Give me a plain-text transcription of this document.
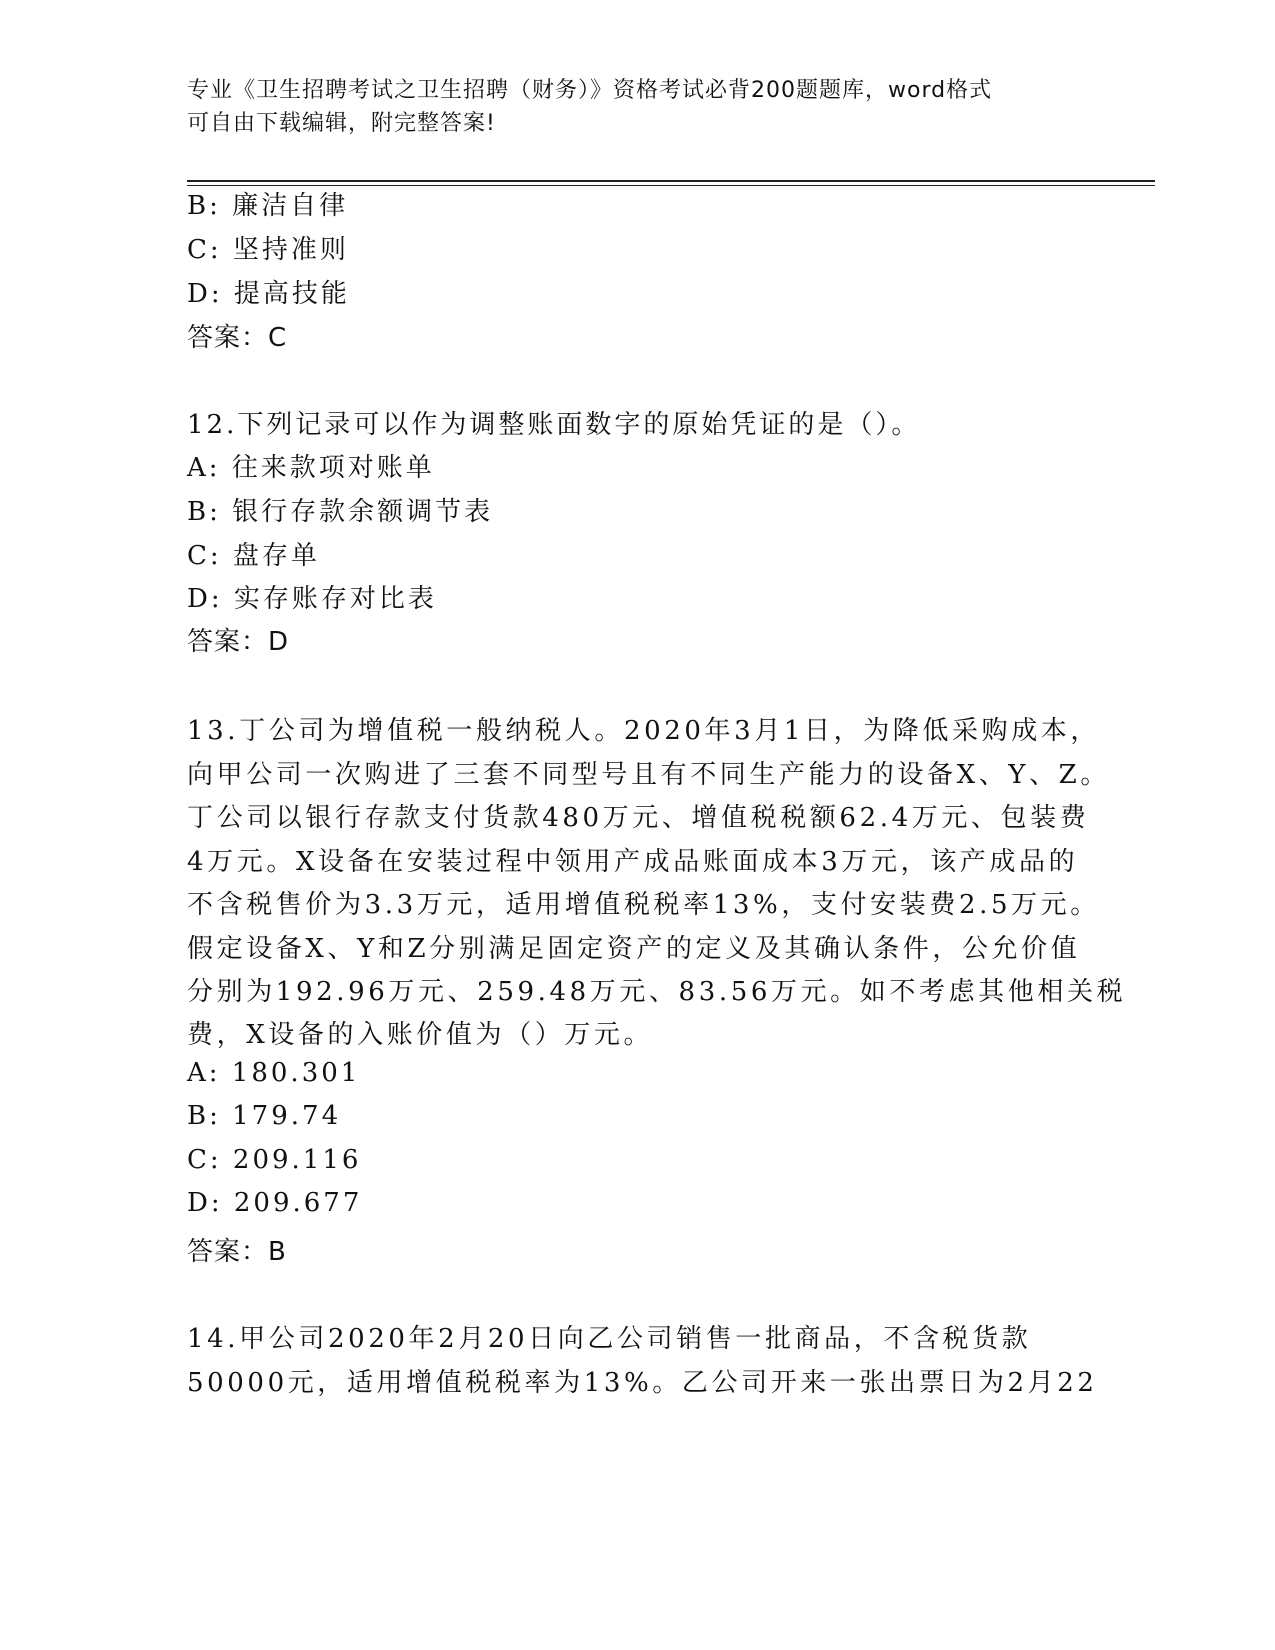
专业《卫生招聘考试之卫生招聘（财务）》资格考试必背200题题库，word格式
可自由下载编辑，附完整答案!
B: 廉洁自律
C: 坚持准则
D: 提高技能
答案：C
12.下列记录可以作为调整账面数字的原始凭证的是（）。
A: 往来款项对账单
B: 银行存款余额调节表
C: 盘存单
D: 实存账存对比表
答案：D
13.丁公司为增值税一般纳税人。2020年3月1日，为降低采购成本，
向甲公司一次购进了三套不同型号且有不同生产能力的设备X、Y、Z。
丁公司以银行存款支付货款480万元、增值税税额62.4万元、包装费
4万元。X设备在安装过程中领用产成品账面成本3万元，该产成品的
不含税售价为3.3万元，适用增值税税率13%，支付安装费2.5万元。
假定设备X、Y和Z分别满足固定资产的定义及其确认条件，公允价值
分别为192.96万元、259.48万元、83.56万元。如不考虑其他相关税
费，X设备的入账价值为（）万元。
A: 180.301
B: 179.74
C: 209.116
D: 209.677
答案：B
14.甲公司2020年2月20日向乙公司销售一批商品，不含税货款
50000元，适用增值税税率为13%。乙公司开来一张出票日为2月22
